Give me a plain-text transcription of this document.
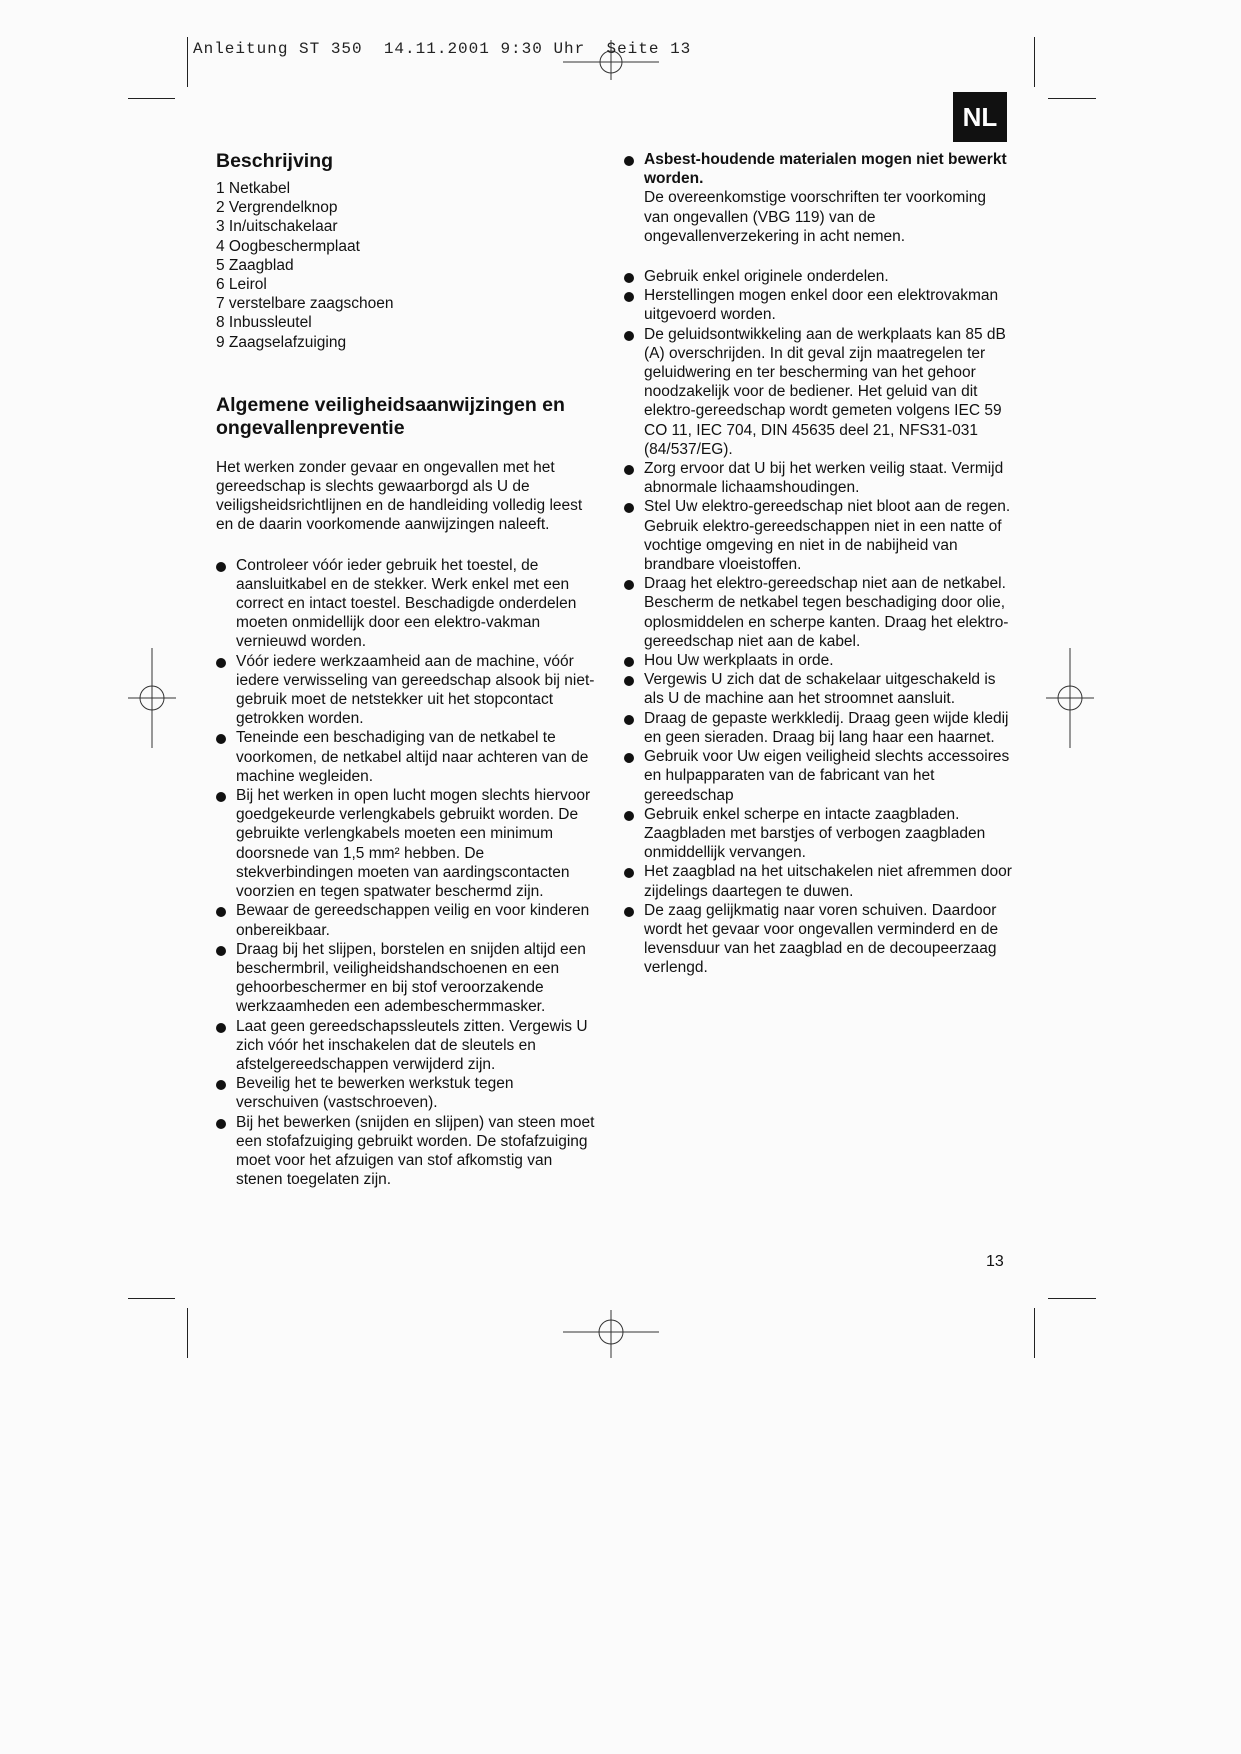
Anleitung ST 350  14.11.2001 9:30 Uhr  Seite 13
NL
Beschrijving
1 Netkabel
2 Vergrendelknop
3 In/uitschakelaar
4 Oogbeschermplaat
5 Zaagblad
6 Leirol
7 verstelbare zaagschoen
8 Inbussleutel
9 Zaagselafzuiging
Algemene veiligheidsaanwijzingen en ongevallenpreventie

Het werken zonder gevaar en ongevallen met het gereedschap is slechts gewaarborgd als U de veiligsheidsrichtlijnen en de handleiding volledig leest en de daarin voorkomende aanwijzingen naleeft.

Controleer vóór ieder gebruik het toestel, de aansluitkabel en de stekker. Werk enkel met een correct en intact toestel. Beschadigde onderdelen moeten onmidellijk door een elektro-vakman vernieuwd worden.
Vóór iedere werkzaamheid aan de machine, vóór iedere verwisseling van gereedschap alsook bij niet-gebruik moet de netstekker uit het stopcontact getrokken worden.
Teneinde een beschadiging van de netkabel te voorkomen, de netkabel altijd naar achteren van de machine wegleiden.
Bij het werken in open lucht mogen slechts hiervoor goedgekeurde verlengkabels gebruikt worden. De gebruikte verlengkabels moeten een minimum doorsnede van 1,5 mm² hebben. De stekverbindingen moeten van aardingscontacten voorzien en tegen spatwater beschermd zijn.
Bewaar de gereedschappen veilig en voor kinderen onbereikbaar.
Draag bij het slijpen, borstelen en snijden altijd een beschermbril, veiligheidshandschoenen en een gehoorbeschermer en bij stof veroorzakende werkzaamheden een adembeschermmasker.
Laat geen gereedschapssleutels zitten. Vergewis U zich vóór het inschakelen dat de sleutels en afstelgereedschappen verwijderd zijn.
Beveilig het te bewerken werkstuk tegen verschuiven (vastschroeven).
Bij het bewerken (snijden en slijpen) van steen moet een stofafzuiging gebruikt worden. De stofafzuiging moet voor het afzuigen van stof afkomstig van stenen toegelaten zijn.
Asbest-houdende materialen mogen niet bewerkt worden.
De overeenkomstige voorschriften ter voorkoming van ongevallen (VBG 119) van de ongevallenverzekering in acht nemen.
Gebruik enkel originele onderdelen.
Herstellingen mogen enkel door een elektrovakman uitgevoerd worden.
De geluidsontwikkeling aan de werkplaats kan 85 dB (A) overschrijden. In dit geval zijn maatregelen ter geluidwering en ter bescherming van het gehoor noodzakelijk voor de bediener. Het geluid van dit elektro-gereedschap wordt gemeten volgens IEC 59 CO 11, IEC 704, DIN 45635 deel 21, NFS31-031 (84/537/EG).
Zorg ervoor dat U bij het werken veilig staat. Vermijd abnormale lichaamshoudingen.
Stel Uw elektro-gereedschap niet bloot aan de regen. Gebruik elektro-gereedschappen niet in een natte of vochtige omgeving en niet in de nabijheid van brandbare vloeistoffen.
Draag het elektro-gereedschap niet aan de netkabel. Bescherm de netkabel tegen beschadiging door olie, oplosmiddelen en scherpe kanten. Draag het elektro-gereedschap niet aan de kabel.
Hou Uw werkplaats in orde.
Vergewis U zich dat de schakelaar uitgeschakeld is als U de machine aan het stroomnet aansluit.
Draag de gepaste werkkledij. Draag geen wijde kledij en geen sieraden. Draag bij lang haar een haarnet.
Gebruik voor Uw eigen veiligheid slechts accessoires en hulpapparaten van de fabricant van het gereedschap
Gebruik enkel scherpe en intacte zaagbladen. Zaagbladen met barstjes of verbogen zaagbladen onmiddellijk vervangen.
Het zaagblad na het uitschakelen niet afremmen door zijdelings daartegen te duwen.
De zaag gelijkmatig naar voren schuiven. Daardoor wordt het gevaar voor ongevallen verminderd en de levensduur van het zaagblad en de decoupeerzaag verlengd.
13
